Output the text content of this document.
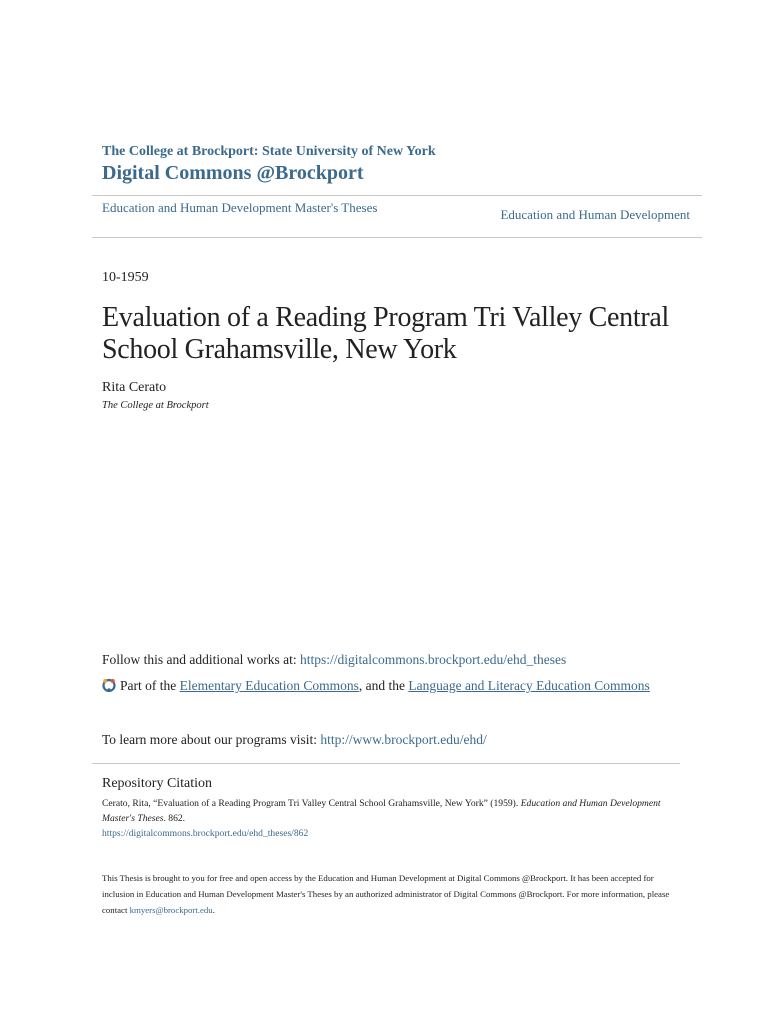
The College at Brockport: State University of New York
Digital Commons @Brockport
Education and Human Development Master's Theses	Education and Human Development
10-1959
Evaluation of a Reading Program Tri Valley Central School Grahamsville, New York
Rita Cerato
The College at Brockport
Follow this and additional works at: https://digitalcommons.brockport.edu/ehd_theses
Part of the Elementary Education Commons, and the Language and Literacy Education Commons
To learn more about our programs visit: http://www.brockport.edu/ehd/
Repository Citation
Cerato, Rita, “Evaluation of a Reading Program Tri Valley Central School Grahamsville, New York” (1959). Education and Human Development Master's Theses. 862.
https://digitalcommons.brockport.edu/ehd_theses/862
This Thesis is brought to you for free and open access by the Education and Human Development at Digital Commons @Brockport. It has been accepted for inclusion in Education and Human Development Master's Theses by an authorized administrator of Digital Commons @Brockport. For more information, please contact kmyers@brockport.edu.
